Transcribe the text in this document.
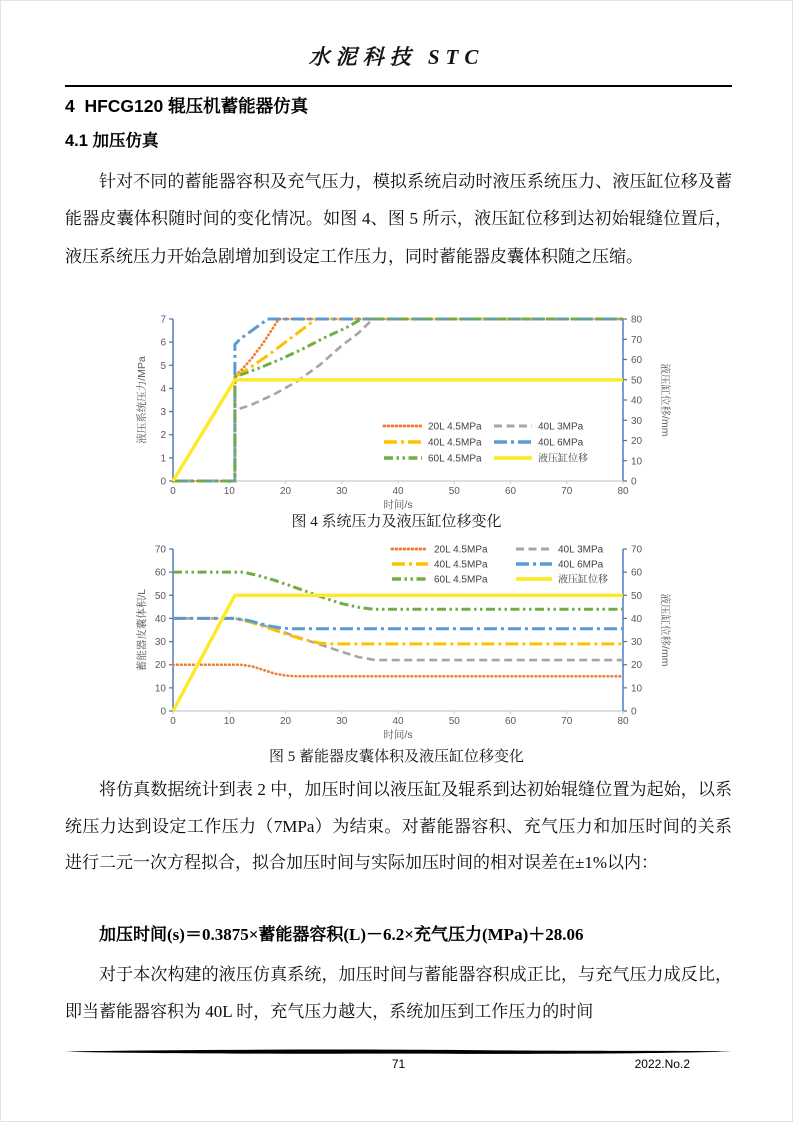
水泥科技 STC
4  HFCG120 辊压机蓄能器仿真
4.1 加压仿真
针对不同的蓄能器容积及充气压力，模拟系统启动时液压系统压力、液压缸位移及蓄能器皮囊体积随时间的变化情况。如图 4、图 5 所示，液压缸位移到达初始辊缝位置后，液压系统压力开始急剧增加到设定工作压力，同时蓄能器皮囊体积随之压缩。
0
1
2
3
4
5
6
7
0
10
20
30
40
50
60
70
80
0	10	20	30	40	50	60	70	80
时间/s
液压系统压力/MPa	液压缸位移/mm
20L 4.5MPa	40L 3MPa
40L 4.5MPa	40L 6MPa
60L 4.5MPa	液压缸位移
图 4 系统压力及液压缸位移变化
0
10
20
30
40
50
60
70
0
10
20
30
40
50
60
70
0	10	20	30	40	50	60	70	80
时间/s
蓄能器皮囊体积/L	液压缸位移/mm
20L 4.5MPa	40L 3MPa
40L 4.5MPa	40L 6MPa
60L 4.5MPa	液压缸位移
图 5 蓄能器皮囊体积及液压缸位移变化
将仿真数据统计到表 2 中，加压时间以液压缸及辊系到达初始辊缝位置为起始，以系统压力达到设定工作压力（7MPa）为结束。对蓄能器容积、充气压力和加压时间的关系进行二元一次方程拟合，拟合加压时间与实际加压时间的相对误差在±1%以内：
加压时间(s)＝0.3875×蓄能器容积(L)－6.2×充气压力(MPa)＋28.06
对于本次构建的液压仿真系统，加压时间与蓄能器容积成正比，与充气压力成反比，即当蓄能器容积为 40L 时，充气压力越大，系统加压到工作压力的时间
71	2022.No.2
